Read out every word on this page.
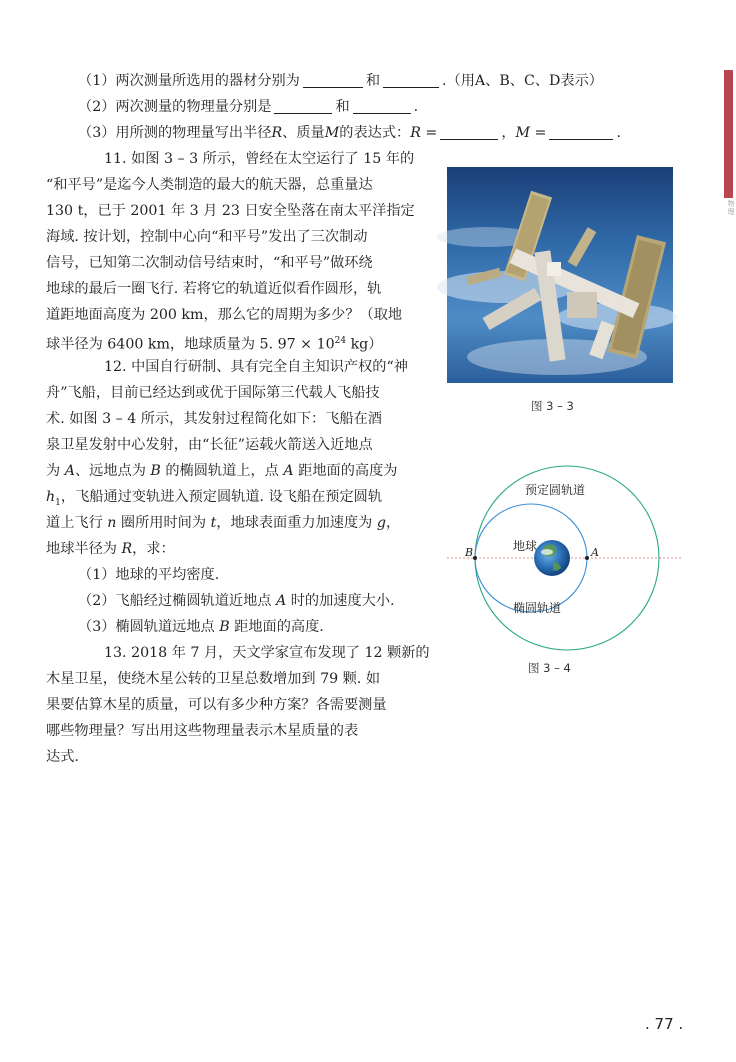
物理
（1）两次测量所选用的器材分别为	和	.（用A、B、C、D表示）
（2）两次测量的物理量分别是	和	.
（3）用所测的物理量写出半径R、质量M的表达式：R =	，M =	.
11. 如图 3 – 3 所示，曾经在太空运行了 15 年的
“和平号”是迄今人类制造的最大的航天器，总重量达
130 t，已于 2001 年 3 月 23 日安全坠落在南太平洋指定
海域. 按计划，控制中心向“和平号”发出了三次制动
信号，已知第二次制动信号结束时，“和平号”做环绕
地球的最后一圈飞行. 若将它的轨道近似看作圆形，轨
道距地面高度为 200 km，那么它的周期为多少？（取地
球半径为 6400 km，地球质量为 5. $97 \times 10^{24}$ kg）
图 3 – 3
12. 中国自行研制、具有完全自主知识产权的“神
舟”飞船，目前已经达到或优于国际第三代载人飞船技
术. 如图 3 – 4 所示，其发射过程简化如下：飞船在酒
泉卫星发射中心发射，由“长征”运载火箭送入近地点
为 A、远地点为 B 的椭圆轨道上，点 A 距地面的高度为
$h_1$，飞船通过变轨进入预定圆轨道. 设飞船在预定圆轨
道上飞行 n 圈所用时间为 t，地球表面重力加速度为 g，
地球半径为 R，求：
（1）地球的平均密度.
（2）飞船经过椭圆轨道近地点 A 时的加速度大小.
（3）椭圆轨道远地点 B 距地面的高度.
B	A
地球
预定圆轨道
椭圆轨道
图 3 – 4
13. 2018 年 7 月，天文学家宣布发现了 12 颗新的
木星卫星，使绕木星公转的卫星总数增加到 79 颗. 如
果要估算木星的质量，可以有多少种方案？各需要测量
哪些物理量？写出用这些物理量表示木星质量的表
达式.
. 77 .
